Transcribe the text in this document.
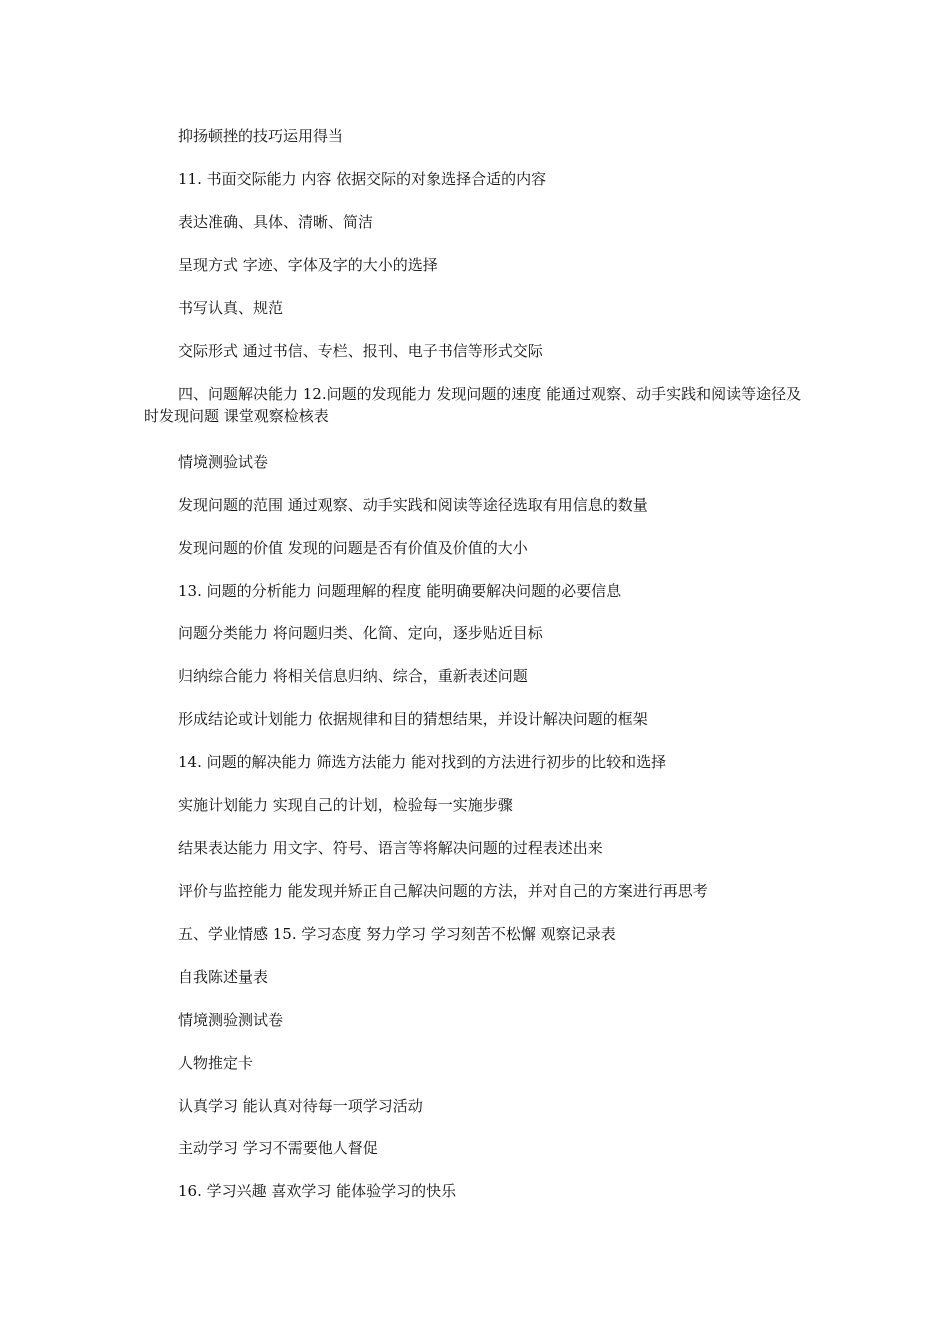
抑扬顿挫的技巧运用得当
11. 书面交际能力 内容 依据交际的对象选择合适的内容
表达准确、具体、清晰、简洁
呈现方式 字迹、字体及字的大小的选择
书写认真、规范
交际形式 通过书信、专栏、报刊、电子书信等形式交际
四、问题解决能力 12.问题的发现能力 发现问题的速度 能通过观察、动手实践和阅读等途径及时发现问题 课堂观察检核表
情境测验试卷
发现问题的范围 通过观察、动手实践和阅读等途径选取有用信息的数量
发现问题的价值 发现的问题是否有价值及价值的大小
13. 问题的分析能力 问题理解的程度 能明确要解决问题的必要信息
问题分类能力 将问题归类、化简、定向，逐步贴近目标
归纳综合能力 将相关信息归纳、综合，重新表述问题
形成结论或计划能力 依据规律和目的猜想结果，并设计解决问题的框架
14. 问题的解决能力 筛选方法能力 能对找到的方法进行初步的比较和选择
实施计划能力 实现自己的计划，检验每一实施步骤
结果表达能力 用文字、符号、语言等将解决问题的过程表述出来
评价与监控能力 能发现并矫正自己解决问题的方法，并对自己的方案进行再思考
五、学业情感 15. 学习态度 努力学习 学习刻苦不松懈 观察记录表
自我陈述量表
情境测验测试卷
人物推定卡
认真学习 能认真对待每一项学习活动
主动学习 学习不需要他人督促
16. 学习兴趣 喜欢学习 能体验学习的快乐
